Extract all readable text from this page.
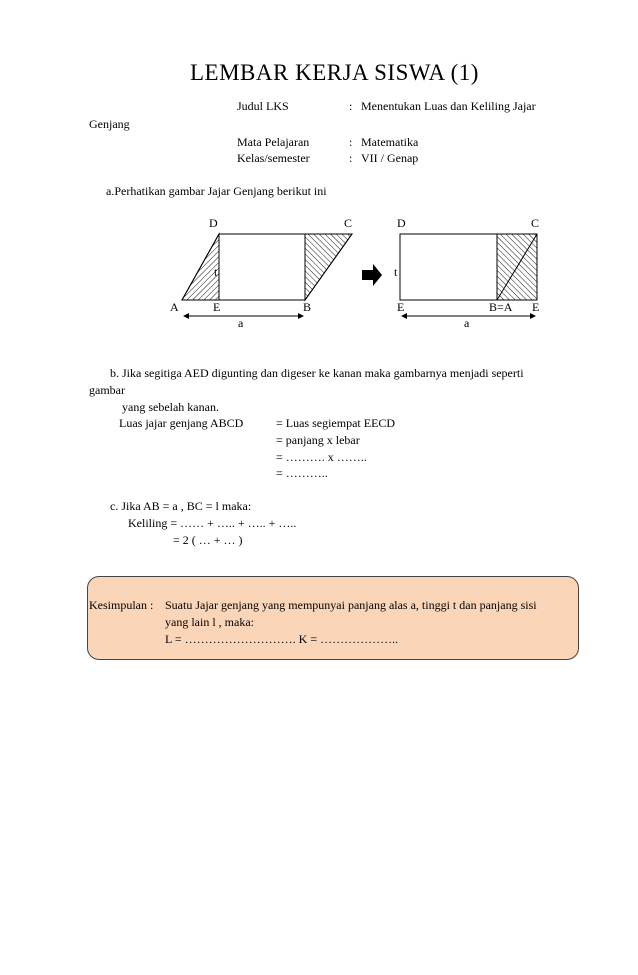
LEMBAR KERJA SISWA (1)
Judul LKS	: Menentukan Luas dan Keliling Jajar
Genjang
Mata Pelajaran	: Matematika
Kelas/semester	: VII / Genap
a.Perhatikan gambar Jajar Genjang berikut ini
D	C
t
A	E	B
a
D	C
t
E	B=A E
a
b. Jika segitiga AED digunting dan digeser ke kanan maka gambarnya menjadi seperti
gambar
yang sebelah kanan.
Luas jajar genjang ABCD	= Luas segiempat EECD
= panjang x lebar
= ………. x ……..
= ………..
c. Jika AB = a , BC = l maka:
Keliling = …… + ….. + ….. + …..
= 2 ( … + … )
Kesimpulan : Suatu Jajar genjang yang mempunyai panjang alas a, tinggi t dan panjang sisi
yang lain l , maka:
L = ………………………. K = ………………..
